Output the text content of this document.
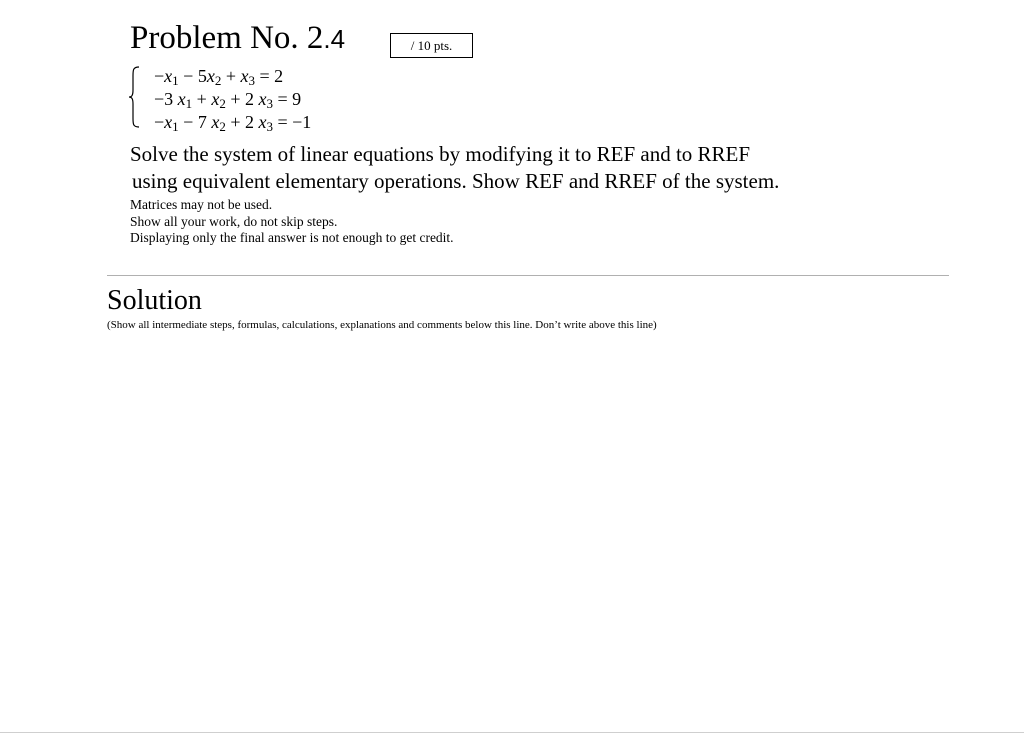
Problem No. 2.4	/ 10 pts.
$-x_1 - 5x_2 + x_3 = 2$
−3 $x_1 + x_2 + 2$ $x_3 = 9$
$-x_1 - 7$ $x_2 + 2$ $x_3 = -1$
Solve the system of linear equations by modifying it to REF and to RREF
using equivalent elementary operations. Show REF and RREF of the system.
Matrices may not be used.
Show all your work, do not skip steps.
Displaying only the final answer is not enough to get credit.
Solution
(Show all intermediate steps, formulas, calculations, explanations and comments below this line. Don’t write above this line)
